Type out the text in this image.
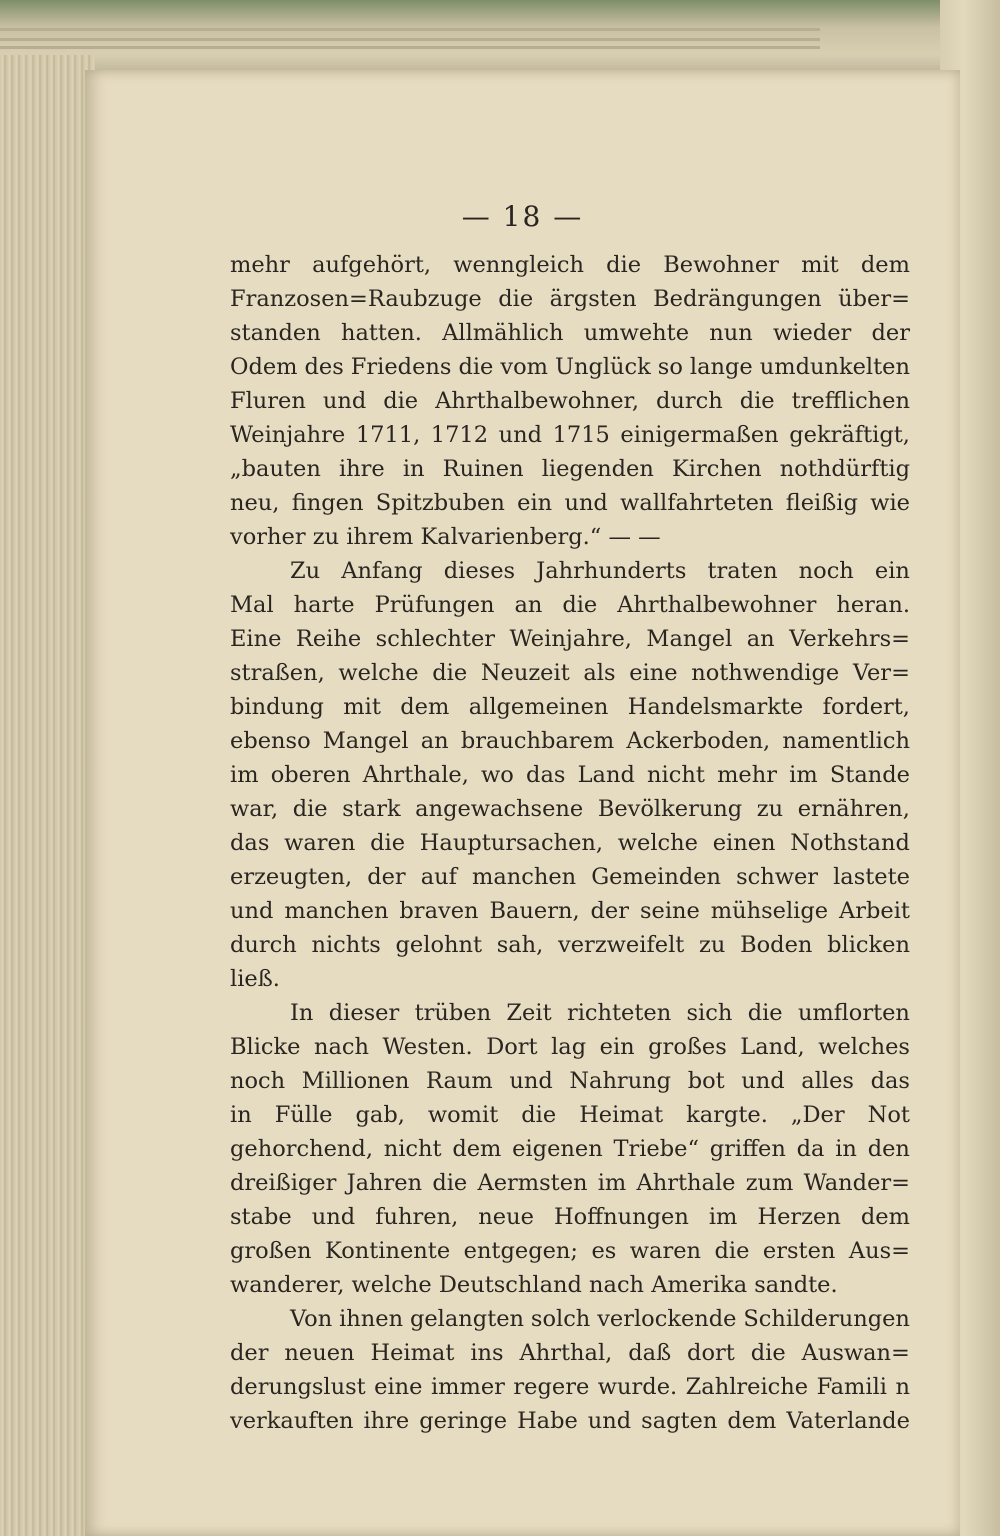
— 18 —
mehr aufgehört, wenngleich die Bewohner mit dem
Franzosen=Raubzuge die ärgsten Bedrängungen über=
standen hatten. Allmählich umwehte nun wieder der
Odem des Friedens die vom Unglück so lange umdunkelten
Fluren und die Ahrthalbewohner, durch die trefflichen
Weinjahre 1711, 1712 und 1715 einigermaßen gekräftigt,
„bauten ihre in Ruinen liegenden Kirchen nothdürftig
neu, fingen Spitzbuben ein und wallfahrteten fleißig wie
vorher zu ihrem Kalvarienberg.“ — —
Zu Anfang dieses Jahrhunderts traten noch ein
Mal harte Prüfungen an die Ahrthalbewohner heran.
Eine Reihe schlechter Weinjahre, Mangel an Verkehrs=
straßen, welche die Neuzeit als eine nothwendige Ver=
bindung mit dem allgemeinen Handelsmarkte fordert,
ebenso Mangel an brauchbarem Ackerboden, namentlich
im oberen Ahrthale, wo das Land nicht mehr im Stande
war, die stark angewachsene Bevölkerung zu ernähren,
das waren die Hauptursachen, welche einen Nothstand
erzeugten, der auf manchen Gemeinden schwer lastete
und manchen braven Bauern, der seine mühselige Arbeit
durch nichts gelohnt sah, verzweifelt zu Boden blicken
ließ.
In dieser trüben Zeit richteten sich die umflorten
Blicke nach Westen. Dort lag ein großes Land, welches
noch Millionen Raum und Nahrung bot und alles das
in Fülle gab, womit die Heimat kargte. „Der Not
gehorchend, nicht dem eigenen Triebe“ griffen da in den
dreißiger Jahren die Aermsten im Ahrthale zum Wander=
stabe und fuhren, neue Hoffnungen im Herzen dem
großen Kontinente entgegen; es waren die ersten Aus=
wanderer, welche Deutschland nach Amerika sandte.
Von ihnen gelangten solch verlockende Schilderungen
der neuen Heimat ins Ahrthal, daß dort die Auswan=
derungslust eine immer regere wurde. Zahlreiche Famili n
verkauften ihre geringe Habe und sagten dem Vaterlande
